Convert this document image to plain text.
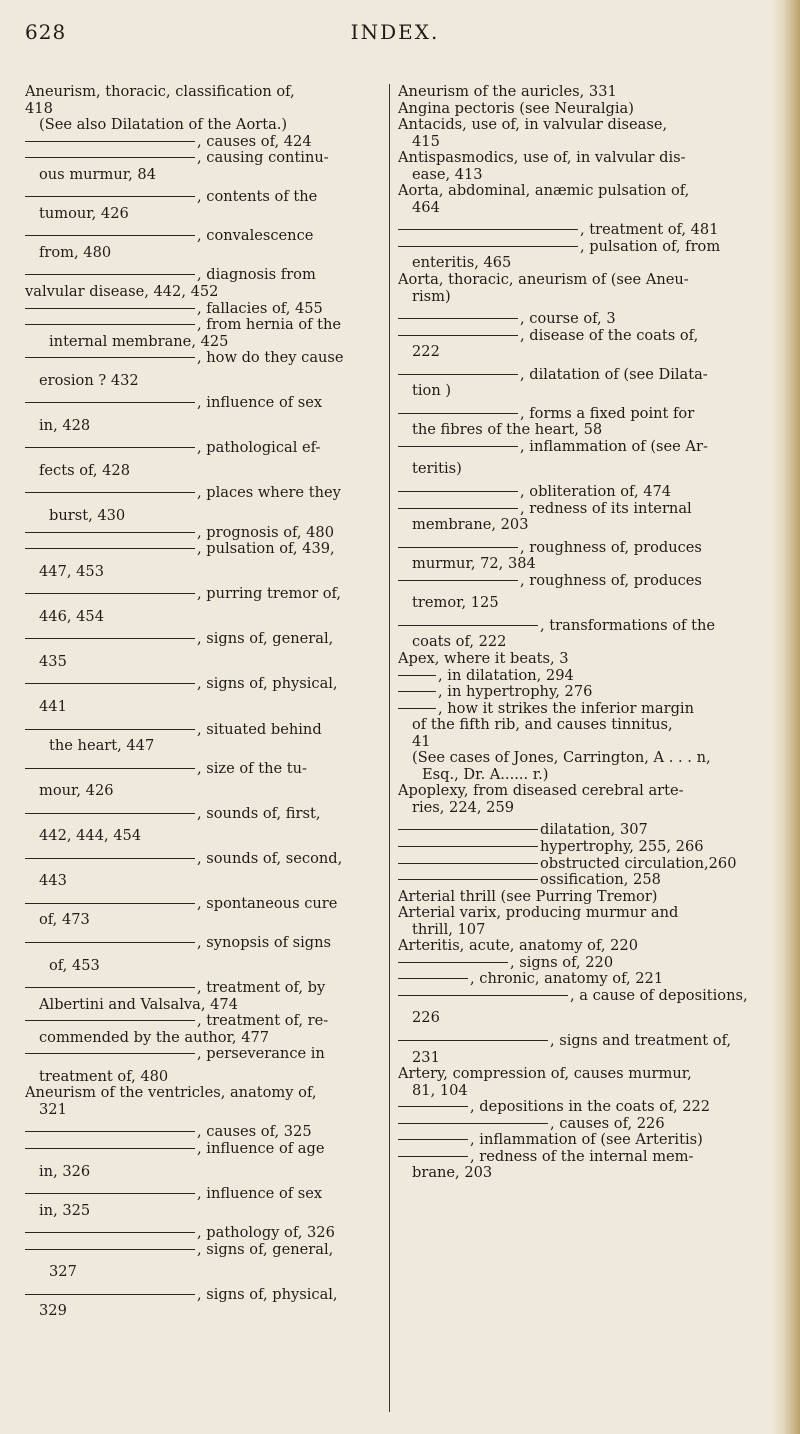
628	INDEX.
Aneurism, thoracic, classification of,
418
(See also Dilatation of the Aorta.)
, causes of, 424
, causing continu-
ous murmur, 84
, contents of the
tumour, 426
, convalescence
from, 480
, diagnosis from
valvular disease, 442, 452
, fallacies of, 455
, from hernia of the
internal membrane, 425
, how do they cause
erosion ? 432
, influence of sex
in, 428
, pathological ef-
fects of, 428
, places where they
burst, 430
, prognosis of, 480
, pulsation of, 439,
447, 453
, purring tremor of,
446, 454
, signs of, general,
435
, signs of, physical,
441
, situated behind
the heart, 447
, size of the tu-
mour, 426
, sounds of, first,
442, 444, 454
, sounds of, second,
443
, spontaneous cure
of, 473
, synopsis of signs
of, 453
, treatment of, by
Albertini and Valsalva, 474
, treatment of, re-
commended by the author, 477
, perseverance in
treatment of, 480
Aneurism of the ventricles, anatomy of,
321
, causes of, 325
, influence of age
in, 326
, influence of sex
in, 325
, pathology of, 326
, signs of, general,
327
, signs of, physical,
329
Aneurism of the auricles, 331
Angina pectoris (see Neuralgia)
Antacids, use of, in valvular disease,
415
Antispasmodics, use of, in valvular dis-
ease, 413
Aorta, abdominal, anæmic pulsation of,
464
, treatment of, 481
, pulsation of, from
enteritis, 465
Aorta, thoracic, aneurism of (see Aneu-
rism)
, course of, 3
, disease of the coats of,
222
, dilatation of (see Dilata-
tion )
, forms a fixed point for
the fibres of the heart, 58
, inflammation of (see Ar-
teritis)
, obliteration of, 474
, redness of its internal
membrane, 203
, roughness of, produces
murmur, 72, 384
, roughness of, produces
tremor, 125
, transformations of the
coats of, 222
Apex, where it beats, 3
, in dilatation, 294
, in hypertrophy, 276
, how it strikes the inferior margin
of the fifth rib, and causes tinnitus,
41
(See cases of Jones, Carrington, A . . . n,
Esq., Dr. A...... r.)
Apoplexy, from diseased cerebral arte-
ries, 224, 259
dilatation, 307
hypertrophy, 255, 266
obstructed circulation,260
ossification, 258
Arterial thrill (see Purring Tremor)
Arterial varix, producing murmur and
thrill, 107
Arteritis, acute, anatomy of, 220
, signs of, 220
, chronic, anatomy of, 221
, a cause of depositions,
226
, signs and treatment of,
231
Artery, compression of, causes murmur,
81, 104
, depositions in the coats of, 222
, causes of, 226
, inflammation of (see Arteritis)
, redness of the internal mem-
brane, 203
